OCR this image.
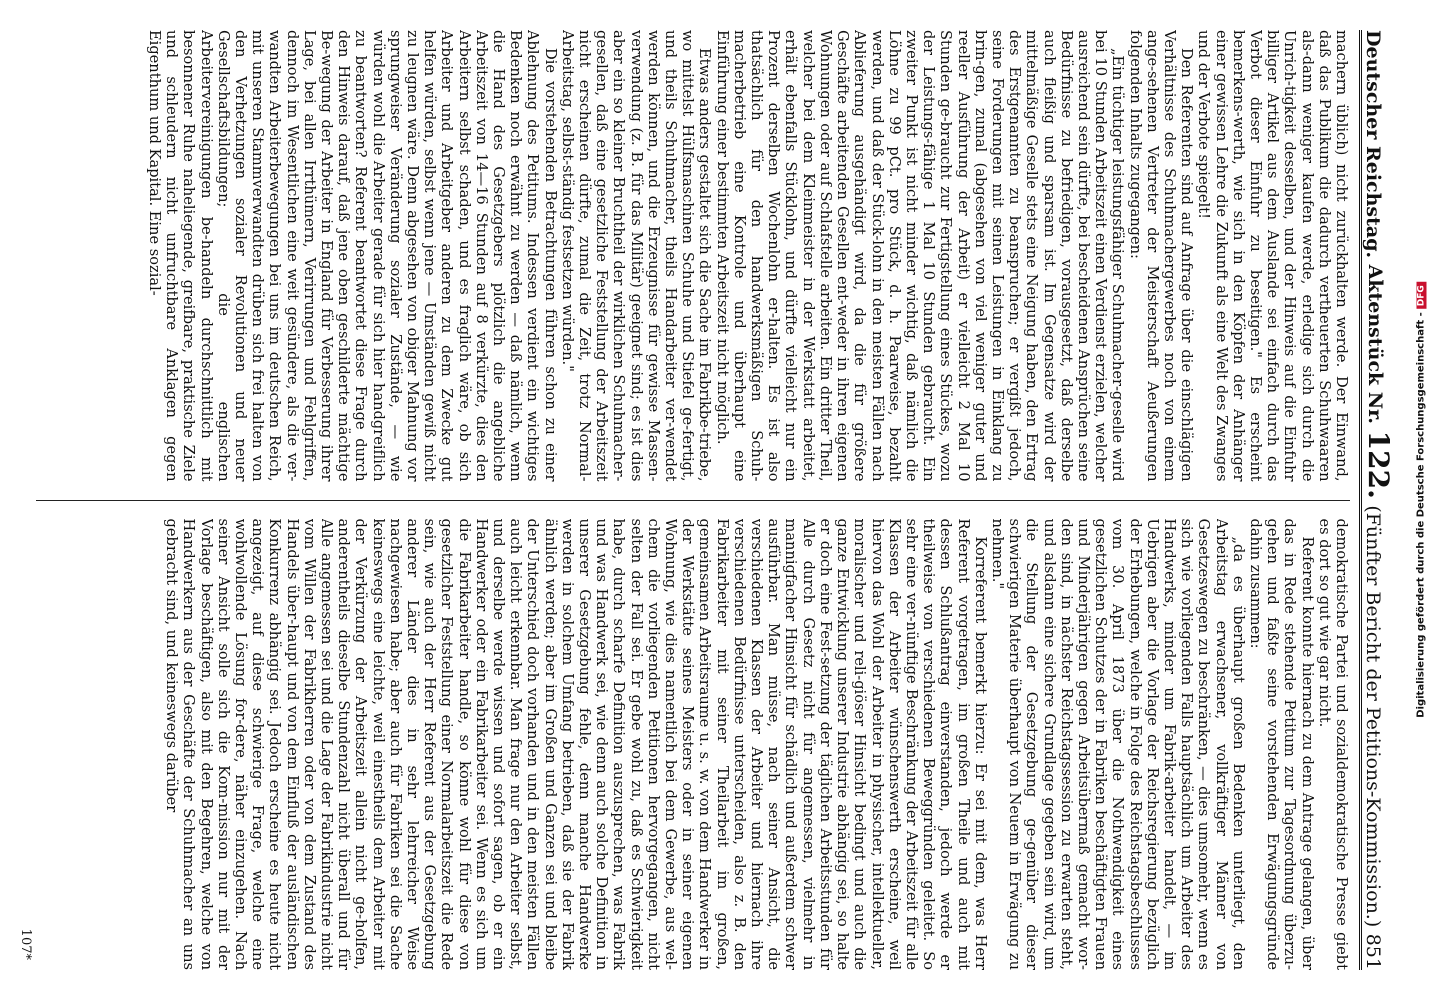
Deutscher Reichstag.
Aktenstück Nr. 122.
(Fünfter Bericht der Petitions-Kommission.)
851

machern üblich) nicht zurückhalten werde. Der Einwand, daß das Publikum die dadurch vertheuerten Schuhwaaren als-dann weniger kaufen werde, erledige sich durch die Unrich-tigkeit desselben, und der Hinweis auf die Einfuhr billiger Artikel aus dem Auslande sei einfach durch das Verbot dieser Einfuhr zu beseitigen." Es erscheint bemerkens-werth, wie sich in den Köpfen der Anhänger einer gewissen Lehre die Zukunft als eine Welt des Zwanges und der Verbote spiegelt!

Den Referenten sind auf Anfrage über die einschlägigen Verhältnisse des Schuhmachergewerbes noch von einem ange-sehenen Vertreter der Meisterschaft Aeußerungen folgenden Inhalts zugegangen:

„Ein tüchtiger leistungsfähiger Schuhmacher-geselle wird bei 10 Stunden Arbeitszeit einen Verdienst erzielen, welcher ausreichend sein dürfte, bei bescheidenen Ansprüchen seine Bedürfnisse zu befriedigen, vorausgesetzt, daß derselbe auch fleißig und sparsam ist. Im Gegensatze wird der mittelmäßige Geselle stets eine Neigung haben, den Ertrag des Erstgenannten zu beanspruchen; er vergißt jedoch, seine Forderungen mit seinen Leistungen in Einklang zu brin-gen, zumal (abgesehen von viel weniger guter und reeller Ausführung der Arbeit) er vielleicht 2 Mal 10 Stunden ge-braucht zur Fertigstellung eines Stückes, wozu der Leistungs-fähige 1 Mal 10 Stunden gebraucht. Ein zweiter Punkt ist nicht minder wichtig, daß nämlich die Löhne zu 99 pCt. pro Stück, d. h. Paarweise, bezahlt werden, und daß der Stück-lohn in den meisten Fällen nach Ablieferung ausgehändigt wird, da die für größere Geschäfte arbeitenden Gesellen ent-weder in ihren eigenen Wohnungen oder auf Schlafstelle arbeiten. Ein dritter Theil, welcher bei dem Kleinmeister in der Werkstatt arbeitet, erhält ebenfalls Stücklohn, und dürfte vielleicht nur ein Prozent derselben Wochenlohn er-halten. Es ist also thatsächlich für den handwerksmäßigen Schuh-macherbetrieb eine Kontrole und überhaupt eine Einführung einer bestimmten Arbeitszeit nicht möglich.

Etwas anders gestaltet sich die Sache im Fabrikbe-triebe, wo mittelst Hülfsmaschinen Schuhe und Stiefel ge-fertigt, und theils Schuhmacher, theils Handarbeiter ver-wendet werden können, und die Erzeugnisse für gewisse Massen-verwendung (z. B. für das Militär) geeignet sind; es ist dies aber ein so kleiner Bruchtheil der wirklichen Schuhmacher-gesellen, daß eine gesetzliche Feststellung der Arbeitszeit nicht erscheinen dürfte, zumal die Zeit, trotz Normal-Arbeitstag, selbst-ständig festsetzen würden."

Die vorstehenden Betrachtungen führen schon zu einer Ablehnung des Petitums. Indessen verdient ein wichtiges Bedenken noch erwähnt zu werden — daß nämlich, wenn die Hand des Gesetzgebers plötzlich die angebliche Arbeitszeit von 14—16 Stunden auf 8 verkürzte, dies den Arbeitern selbst schaden, und es fraglich wäre, ob sich Arbeiter und Arbeitgeber anderen zu dem Zwecke gut helfen würden, selbst wenn jene — Umständen gewiß nicht zu leugnen wäre. Denn abgesehen von obiger Mahnung vor sprungweiser Veränderung sozialer Zustände, — wie würden wohl die Arbeiter gerade für sich hier handgreiflich zu beantworten? Referent beantwortet diese Frage durch den Hinweis darauf, daß jene oben geschilderte mächtige Be-wegung der Arbeiter in England für Verbesserung ihrer Lage, bei allen Irrthümern, Verirrungen und Fehlgriffen, dennoch im Wesentlichen eine weit gesündere, als die ver-wandten Arbeiterbewegungen bei uns im deutschen Reich, mit unseren Stammverwandten drüben sich frei halten von den Verhetzungen sozialer Revolutionen und neuer Gesellschaftsbildungen; die englischen Arbeitervereinigungen be-handeln durchschnittlich mit besonnener Ruhe naheliegende, greifbare, praktische Ziele und schleudern nicht unfruchtbare Anklagen gegen Eigenthum und Kapital. Eine sozial-

demokratische Partei und sozialdemokratische Presse giebt es dort so gut wie gar nicht.

Referent konnte hiernach zu dem Antrage gelangen, über das in Rede stehende Petitum zur Tagesordnung überzu-gehen und faßte seine vorstehenden Erwägungsgründe dahin zusammen:

„da es überhaupt großen Bedenken unterliegt, den Arbeitstag erwachsener, vollkräftiger Männer von Gesetzeswegen zu beschränken, — dies umsomehr, wenn es sich wie vorliegenden Falls hauptsächlich um Arbeiter des Handwerks, minder um Fabrik-arbeiter handelt, — im Uebrigen aber die Vorlage der Reichsregierung bezüglich der Erhebungen, welche in Folge des Reichstagsbeschlusses vom 30. April 1873 über die Nothwendigkeit eines gesetzlichen Schutzes der in Fabriken beschäftigten Frauen und Minderjährigen gegen Arbeitsübermaß gemacht wor-den sind, in nächster Reichstagssession zu erwarten steht, und alsdann eine sichere Grundlage gegeben sein wird, um die Stellung der Gesetzgebung ge-genüber dieser schwierigen Materie überhaupt von Neuem in Erwägung zu nehmen."

Korreferent bemerkt hierzu: Er sei mit dem, was Herr Referent vorgetragen, im großen Theile und auch mit dessen Schlußantrag einverstanden, jedoch werde er theilweise von verschiedenen Beweggründen geleitet. So sehr eine ver-nünftige Beschränkung der Arbeitszeit für alle Klassen der Arbeiter wünschenswerth erscheine, weil hiervon das Wohl der Arbeiter in physischer, intellektueller, moralischer und reli-giöser Hinsicht bedingt und auch die ganze Entwicklung unserer Industrie abhängig sei, so halte er doch eine Fest-setzung der täglichen Arbeitsstunden für Alle durch Gesetz nicht für angemessen, vielmehr in mannigfacher Hinsicht für schädlich und außerdem schwer ausführbar. Man müsse, nach seiner Ansicht, die verschiedenen Klassen der Arbeiter und hiernach ihre verschiedenen Bedürfnisse unterscheiden, also z. B. den Fabrikarbeiter mit seiner Theilarbeit im großen, gemeinsamen Arbeitsraume u. s. w. von dem Handwerker in der Werkstätte seines Meisters oder in seiner eigenen Wohnung, wie dies namentlich bei dem Gewerbe, aus wel-chem die vorliegenden Petitionen hervorgegangen, nicht selten der Fall sei. Er gebe wohl zu, daß es Schwierigkeit habe, durch scharfe Definition auszusprechen, was Fabrik und was Handwerk sei, wie denn auch solche Definition in unserer Gesetzgebung fehle, denn manche Handwerke werden in solchem Umfang betrieben, daß sie der Fabrik ähnlich werden; aber im Großen und Ganzen sei und bleibe der Unterschied doch vorhanden und in den meisten Fällen auch leicht erkennbar. Man frage nur den Arbeiter selbst, und derselbe werde wissen und sofort sagen, ob er ein Handwerker oder ein Fabrikarbeiter sei. Wenn es sich um die Fabrikarbeiter handle, so könne wohl für diese von gesetzlicher Feststellung einer Normalarbeitszeit die Rede sein, wie auch der Herr Referent aus der Gesetzgebung anderer Länder dies in sehr lehrreicher Weise nachgewiesen habe; aber auch für Fabriken sei die Sache keineswegs eine leichte, weil einestheils dem Arbeiter mit der Verkürzung der Arbeitszeit allein nicht ge-holfen, anderentheils dieselbe Stundenzahl nicht überall und für Alle angemessen sei und die Lage der Fabrikindustrie nicht vom Willen der Fabrikherren oder von dem Zustand des Handels über-haupt und von dem Einfluß der ausländischen Konkurrenz abhängig sei. Jedoch erscheine es heute nicht angezeigt, auf diese schwierige Frage, welche eine wohlwollende Lösung for-dere, näher einzugehen. Nach seiner Ansicht solle sich die Kom-mission nur mit der Vorlage beschäftigen, also mit den Begehren, welche von Handwerkern aus der Geschäfte der Schuhmacher an uns gebracht sind, und keineswegs darüber

107*
Digitalisierung gefördert durch die Deutsche Forschungsgemeinschaft -DFG
